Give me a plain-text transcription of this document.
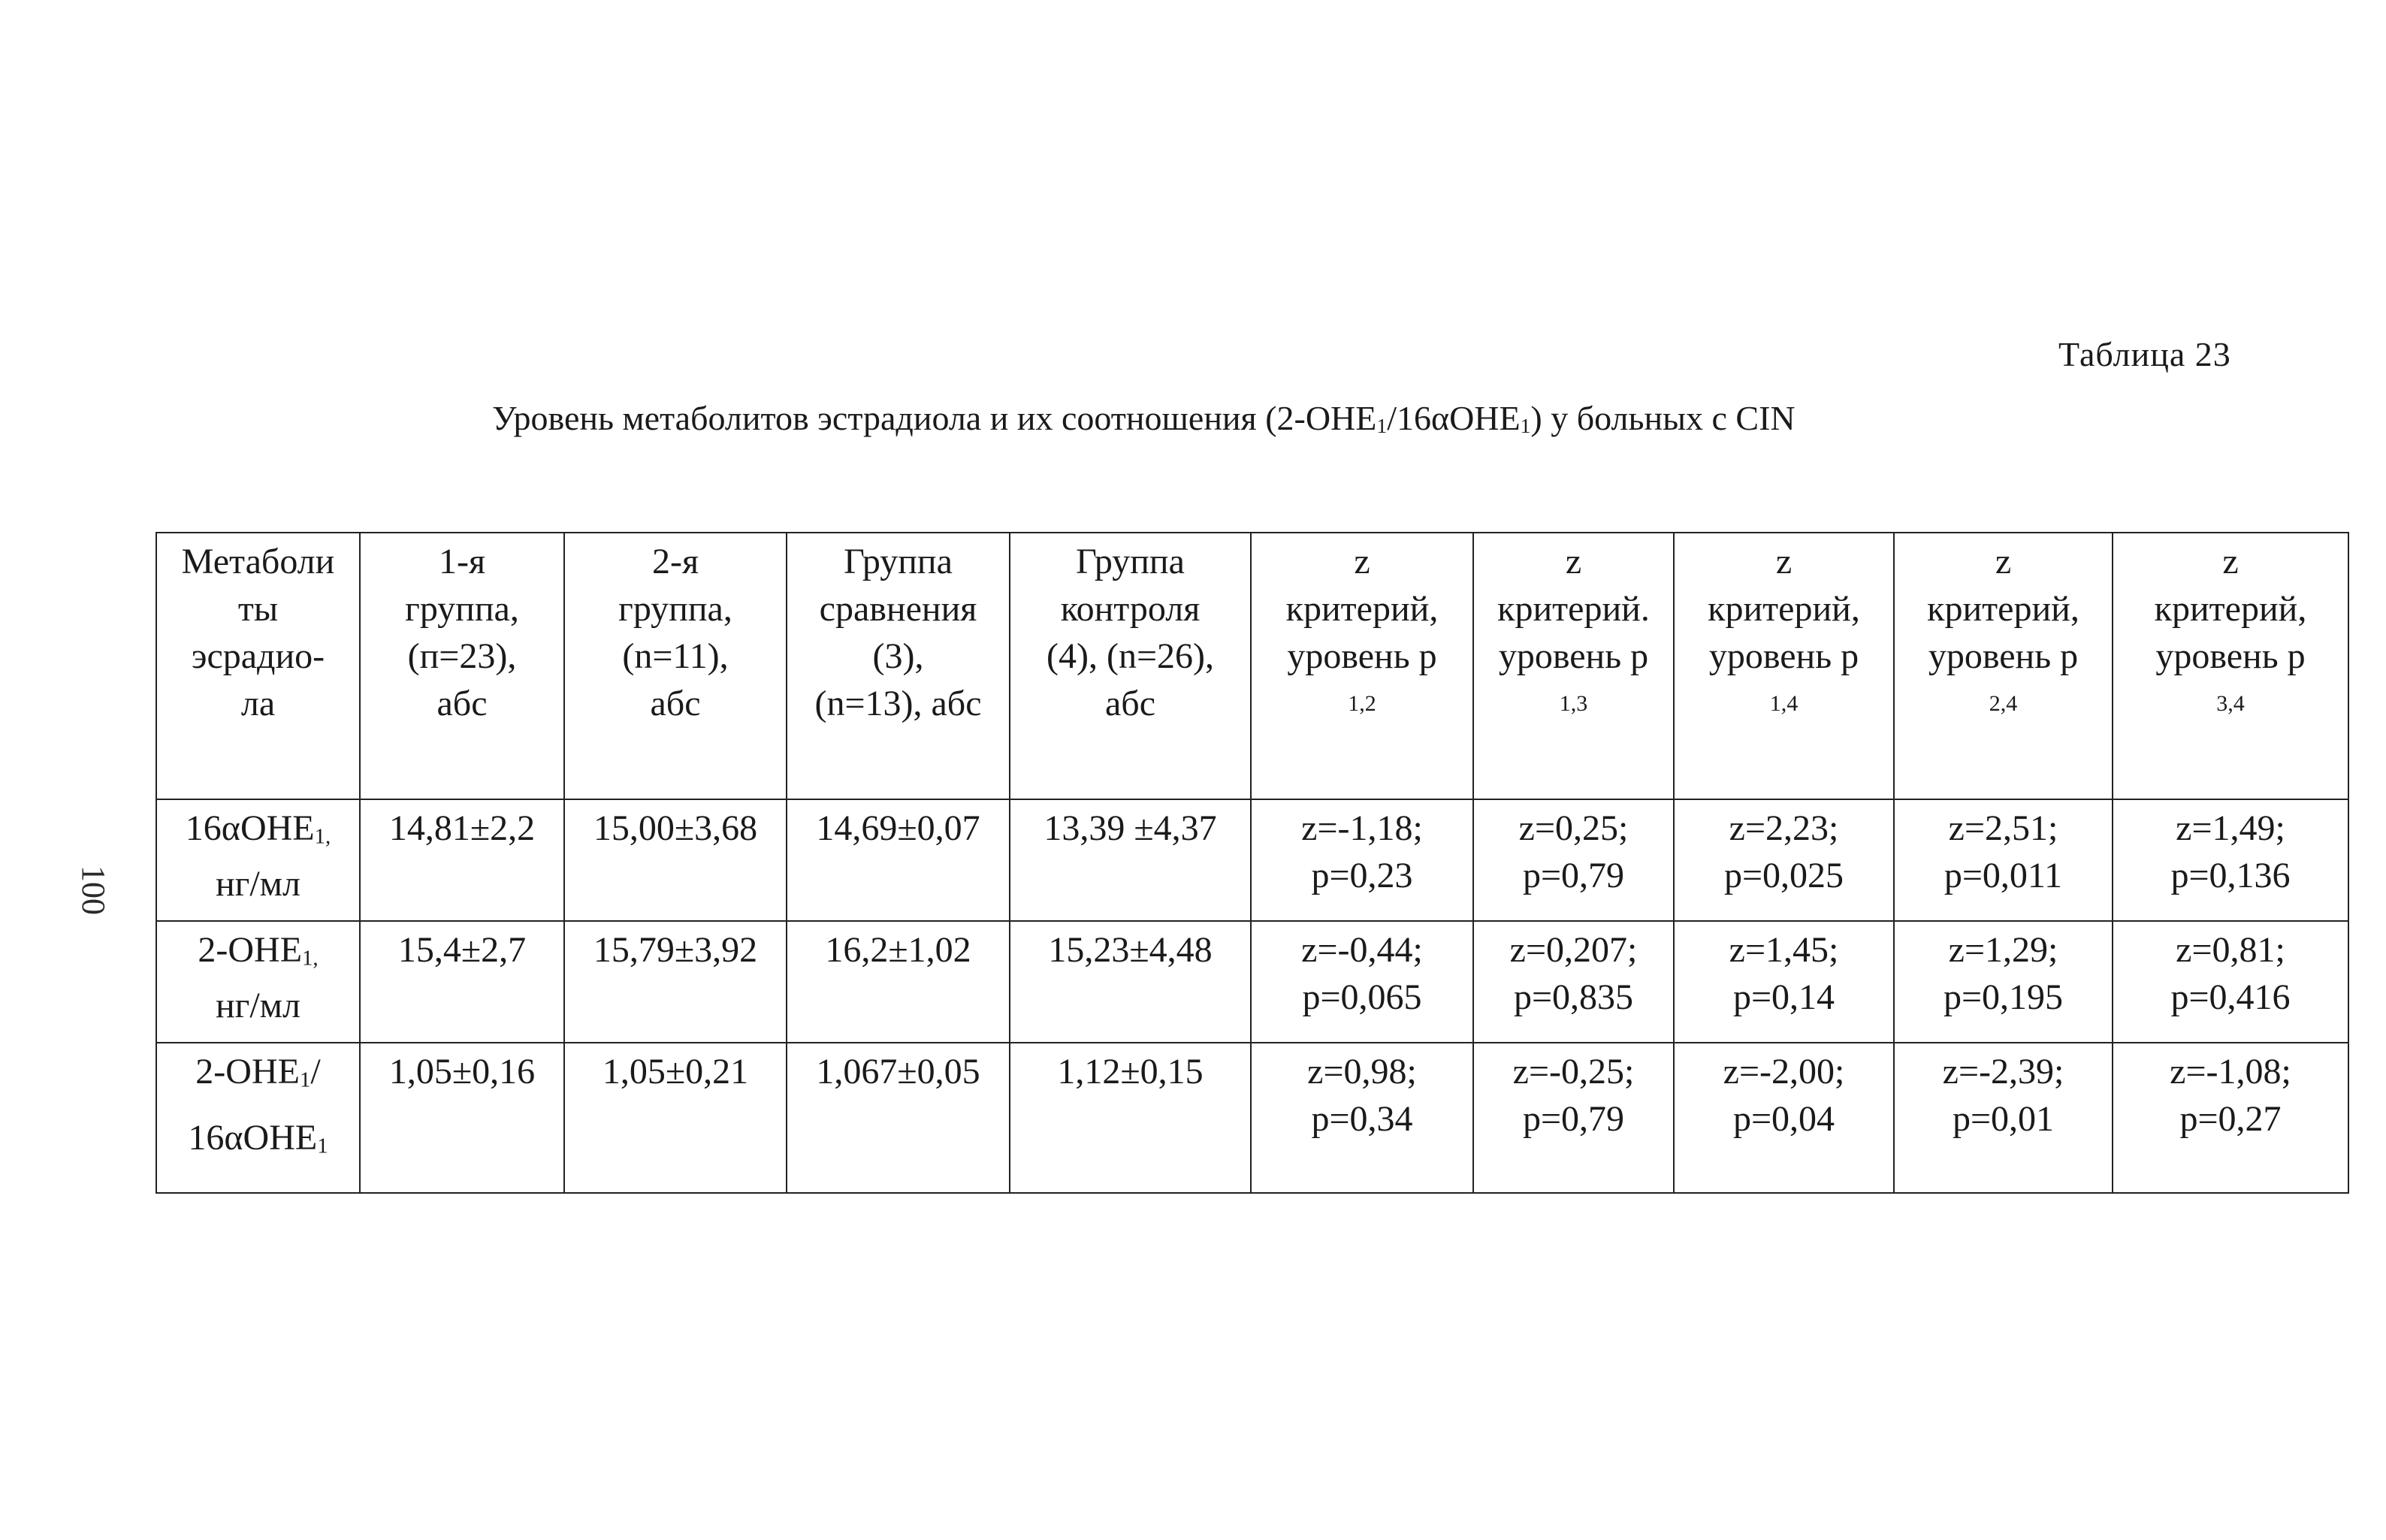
100
Таблица 23
Уровень метаболитов эстрадиола и их соотношения $(2-OHE_1/16\alpha OHE_1)$ у больных с CIN
Метаболи
ты
эсрадио-
ла	1-я
группа,
(п=23),
абс	2-я
группа,
(n=11),
абс	Группа
сравнения
(3),
(n=13), абс	Группа
контроля
(4), (n=26),
абс	z
критерий,
уровень p
1,2	z
критерий.
уровень p
1,3	z
критерий,
уровень p
1,4	z
критерий,
уровень p
2,4	z
критерий,
уровень p
3,4

16αOHE$_{1,}$
нг/мл	14,81±2,2	15,00±3,68	14,69±0,07	13,39 ±4,37	z=-1,18;
p=0,23	z=0,25;
p=0,79	z=2,23;
p=0,025	z=2,51;
p=0,011	z=1,49;
p=0,136

$2-OHE_{1,}$
нг/мл	15,4±2,7	15,79±3,92	16,2±1,02	15,23±4,48	z=-0,44;
p=0,065	z=0,207;
p=0,835	z=1,45;
p=0,14	z=1,29;
p=0,195	z=0,81;
p=0,416

$2-OHE_1/$
16αOHE$_1$	1,05±0,16	1,05±0,21	1,067±0,05	1,12±0,15	z=0,98;
p=0,34	z=-0,25;
p=0,79	z=-2,00;
p=0,04	z=-2,39;
p=0,01	z=-1,08;
p=0,27
